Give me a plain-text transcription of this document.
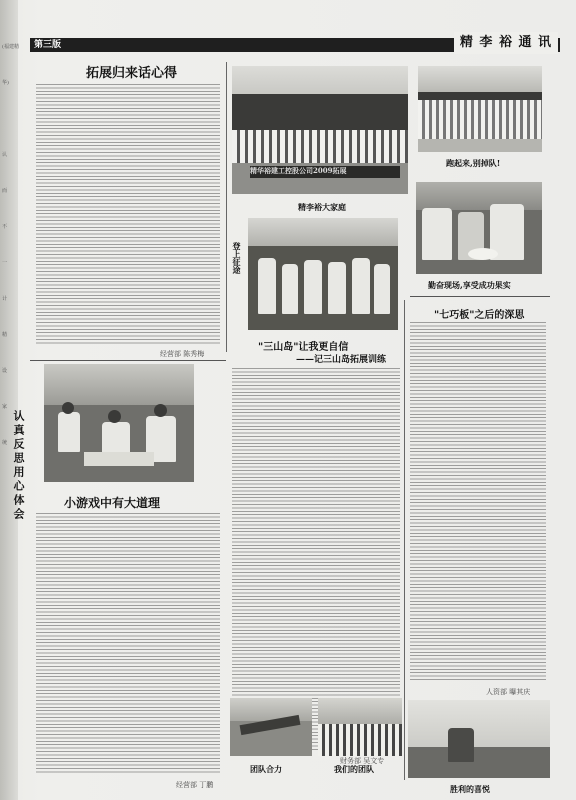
(福建精
华)
认
而
不
一
计
精
设
家
统
第三版	精 李 裕 通 讯
拓展归来话心得
经营部 陈秀梅
认真反思用心体会	小游戏中有大道理
经营部 丁鹏
精华裕建工控股公司2009拓展
精李裕大家庭
跑起来,别掉队!
登上征途
勤奋现场,享受成功果实
"三山岛"让我更自信
——记三山岛拓展训练
财务部 吴文专
"七巧板"之后的深思
人资部 曝其庆
团队合力	我们的团队
胜利的喜悦
